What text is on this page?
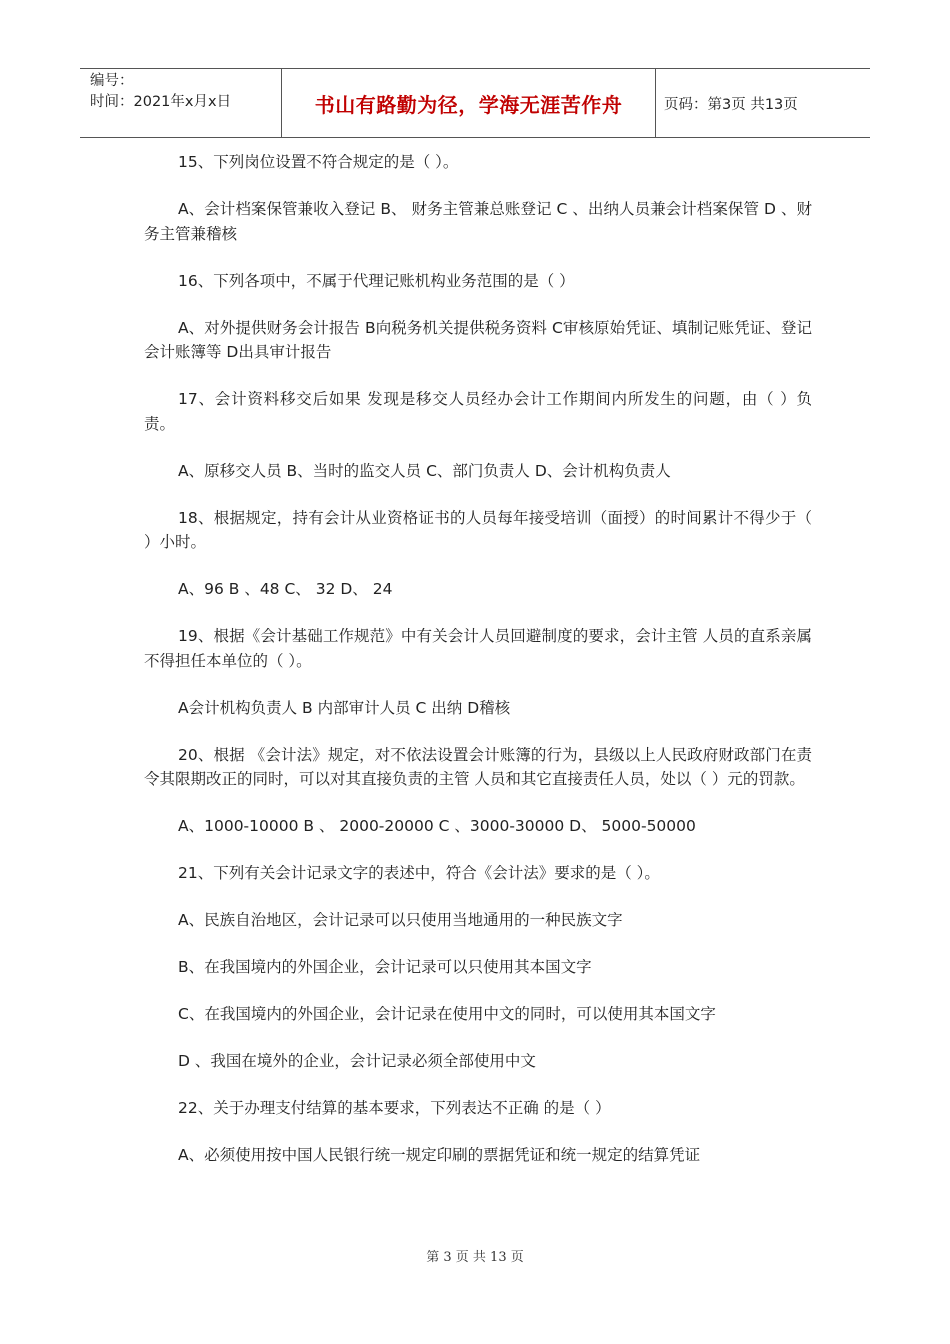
编号：
时间：2021年x月x日	书山有路勤为径，学海无涯苦作舟	页码：第3页 共13页

15、下列岗位设置不符合规定的是（ ）。

A、会计档案保管兼收入登记 B、 财务主管兼总账登记 C 、出纳人员兼会计档案保管 D 、财务主管兼稽核

16、下列各项中，不属于代理记账机构业务范围的是（ ）

A、对外提供财务会计报告 B向税务机关提供税务资料 C审核原始凭证、填制记账凭证、登记会计账簿等 D出具审计报告

17、会计资料移交后如果 发现是移交人员经办会计工作期间内所发生的问题，由（ ）负责。

A、原移交人员 B、当时的监交人员 C、部门负责人 D、会计机构负责人

18、根据规定，持有会计从业资格证书的人员每年接受培训（面授）的时间累计不得少于（ ）小时。

A、96 B 、48 C、 32 D、 24

19、根据《会计基础工作规范》中有关会计人员回避制度的要求，会计主管 人员的直系亲属不得担任本单位的（ ）。

A会计机构负责人 B 内部审计人员 C 出纳 D稽核

20、根据 《会计法》规定，对不依法设置会计账簿的行为，县级以上人民政府财政部门在责令其限期改正的同时，可以对其直接负责的主管 人员和其它直接责任人员，处以（ ）元的罚款。

A、1000-10000 B 、 2000-20000 C 、3000-30000 D、 5000-50000

21、下列有关会计记录文字的表述中，符合《会计法》要求的是（ ）。

A、民族自治地区，会计记录可以只使用当地通用的一种民族文字

B、在我国境内的外国企业，会计记录可以只使用其本国文字

C、在我国境内的外国企业，会计记录在使用中文的同时，可以使用其本国文字

D 、我国在境外的企业，会计记录必须全部使用中文

22、关于办理支付结算的基本要求，下列表达不正确 的是（ ）

A、必须使用按中国人民银行统一规定印刷的票据凭证和统一规定的结算凭证

第 3 页 共 13 页
